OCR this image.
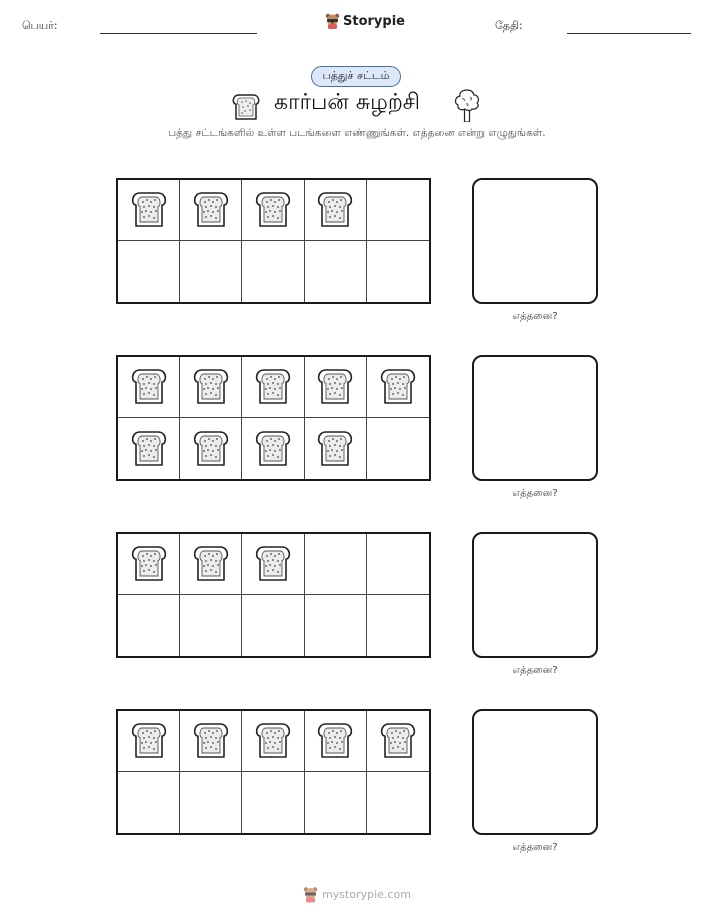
பெயர்:	Storypie	தேதி:
பத்துச் சட்டம்
கார்பன் சுழற்சி
பத்து சட்டங்களில் உள்ள படங்களை எண்ணுங்கள். எத்தனை என்று எழுதுங்கள்.
எத்தனை?
எத்தனை?
எத்தனை?
எத்தனை?
mystorypie.com
